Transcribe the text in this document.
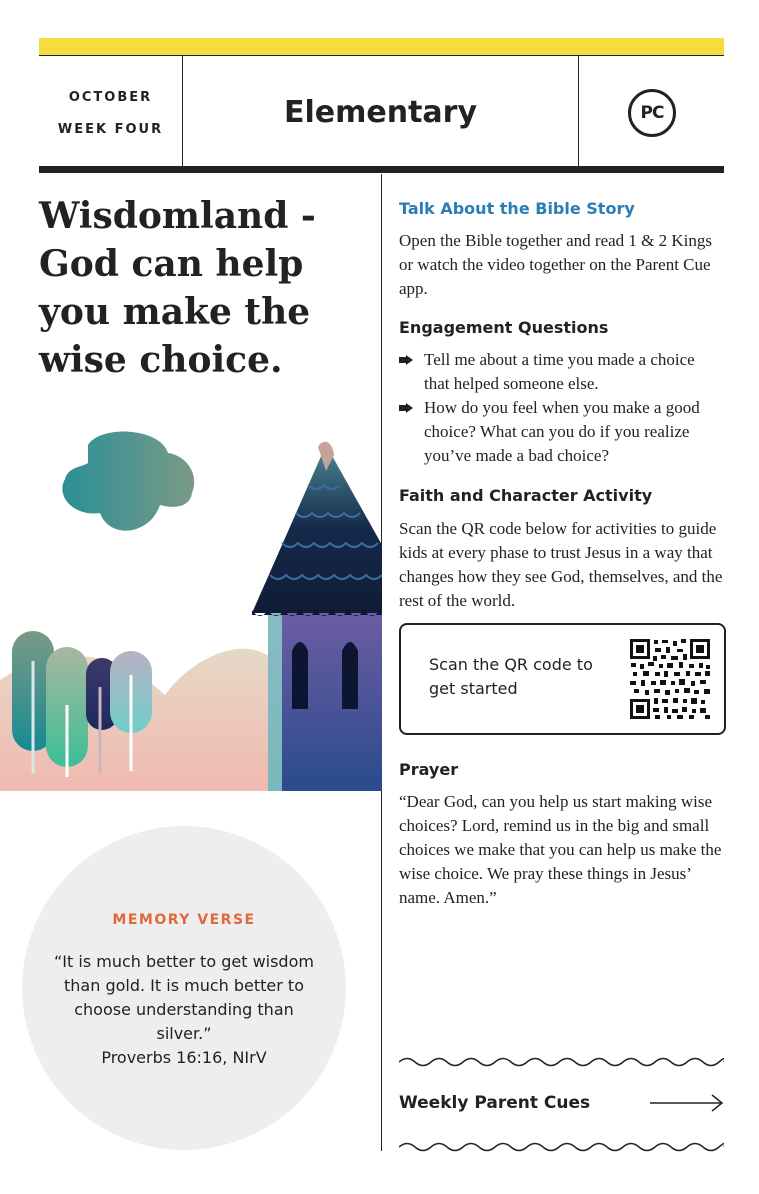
OCTOBER
WEEK FOUR	Elementary	PC
Wisdomland - God can help you make the wise choice.
MEMORY VERSE
“It is much better to get wisdom than gold. It is much better to choose understanding than silver.”
Proverbs 16:16, NIrV
Talk About the Bible Story
Open the Bible together and read 1 & 2 Kings or watch the video together on the Parent Cue app.
Engagement Questions
Tell me about a time you made a choice that helped someone else.
How do you feel when you make a good choice? What can you do if you realize you’ve made a bad choice?
Faith and Character Activity
Scan the QR code below for activities to guide kids at every phase to trust Jesus in a way that changes how they see God, themselves, and the rest of the world.
Scan the QR code to get started
Prayer
“Dear God, can you help us start making wise choices? Lord, remind us in the big and small choices we make that you can help us make the wise choice. We pray these things in Jesus’ name. Amen.”
Weekly Parent Cues
